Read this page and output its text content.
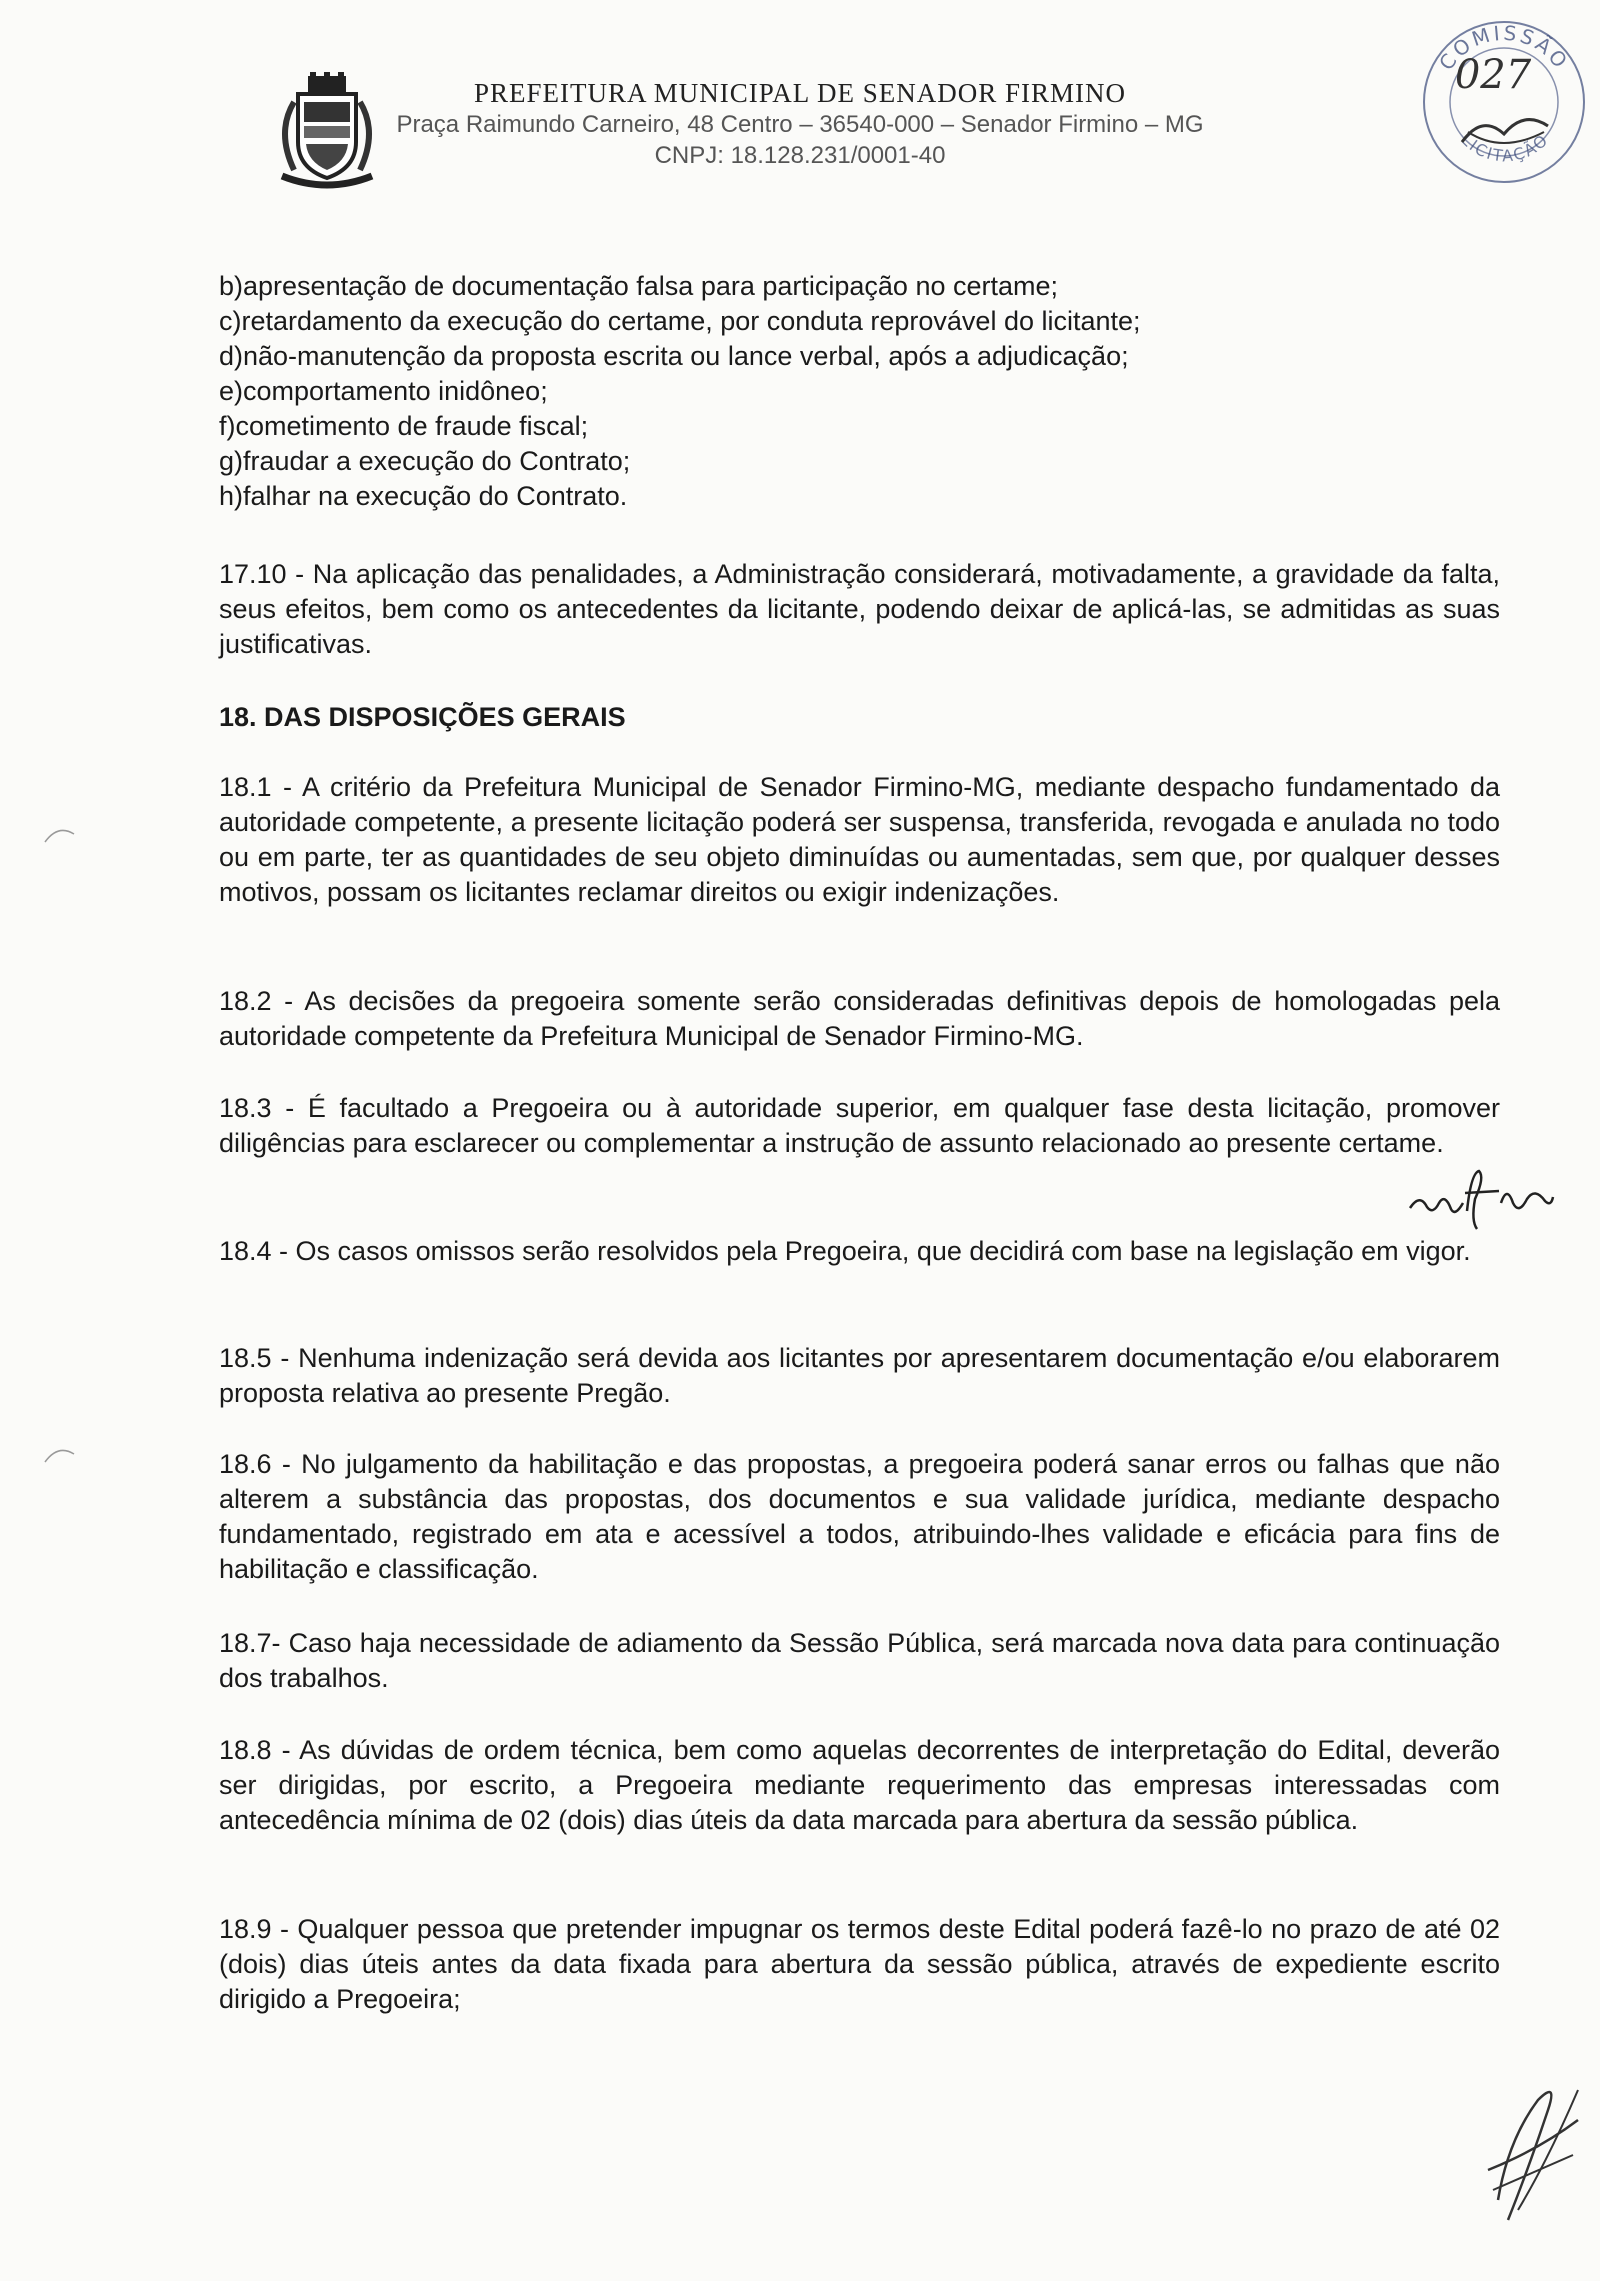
PREFEITURA MUNICIPAL DE SENADOR FIRMINO
Praça Raimundo Carneiro, 48 Centro – 36540-000 – Senador Firmino – MG
CNPJ: 18.128.231/0001-40
COMISSÃO
LICITAÇÃO
027
b)apresentação de documentação falsa para participação no certame;
c)retardamento da execução do certame, por conduta reprovável do licitante;
d)não-manutenção da proposta escrita ou lance verbal, após a adjudicação;
e)comportamento inidôneo;
f)cometimento de fraude fiscal;
g)fraudar a execução do Contrato;
h)falhar na execução do Contrato.
17.10 - Na aplicação das penalidades, a Administração considerará, motivadamente, a gravidade da falta, seus efeitos, bem como os antecedentes da licitante, podendo deixar de aplicá-las, se admitidas as suas justificativas.
18. DAS DISPOSIÇÕES GERAIS
18.1 - A critério da Prefeitura Municipal de Senador Firmino-MG, mediante despacho fundamentado da autoridade competente, a presente licitação poderá ser suspensa, transferida, revogada e anulada no todo ou em parte, ter as quantidades de seu objeto diminuídas ou aumentadas, sem que, por qualquer desses motivos, possam os licitantes reclamar direitos ou exigir indenizações.
18.2 - As decisões da pregoeira somente serão consideradas definitivas depois de homologadas pela autoridade competente da Prefeitura Municipal de Senador Firmino-MG.
18.3 - É facultado a Pregoeira ou à autoridade superior, em qualquer fase desta licitação, promover diligências para esclarecer ou complementar a instrução de assunto relacionado ao presente certame.
18.4 - Os casos omissos serão resolvidos pela Pregoeira, que decidirá com base na legislação em vigor.
18.5 - Nenhuma indenização será devida aos licitantes por apresentarem documentação e/ou elaborarem proposta relativa ao presente Pregão.
18.6 - No julgamento da habilitação e das propostas, a pregoeira poderá sanar erros ou falhas que não alterem a substância das propostas, dos documentos e sua validade jurídica, mediante despacho fundamentado, registrado em ata e acessível a todos, atribuindo-lhes validade e eficácia para fins de habilitação e classificação.
18.7- Caso haja necessidade de adiamento da Sessão Pública, será marcada nova data para continuação dos trabalhos.
18.8 - As dúvidas de ordem técnica, bem como aquelas decorrentes de interpretação do Edital, deverão ser dirigidas, por escrito, a Pregoeira mediante requerimento das empresas interessadas com antecedência mínima de 02 (dois) dias úteis da data marcada para abertura da sessão pública.
18.9 - Qualquer pessoa que pretender impugnar os termos deste Edital poderá fazê-lo no prazo de até 02 (dois) dias úteis antes da data fixada para abertura da sessão pública, através de expediente escrito dirigido a Pregoeira;
